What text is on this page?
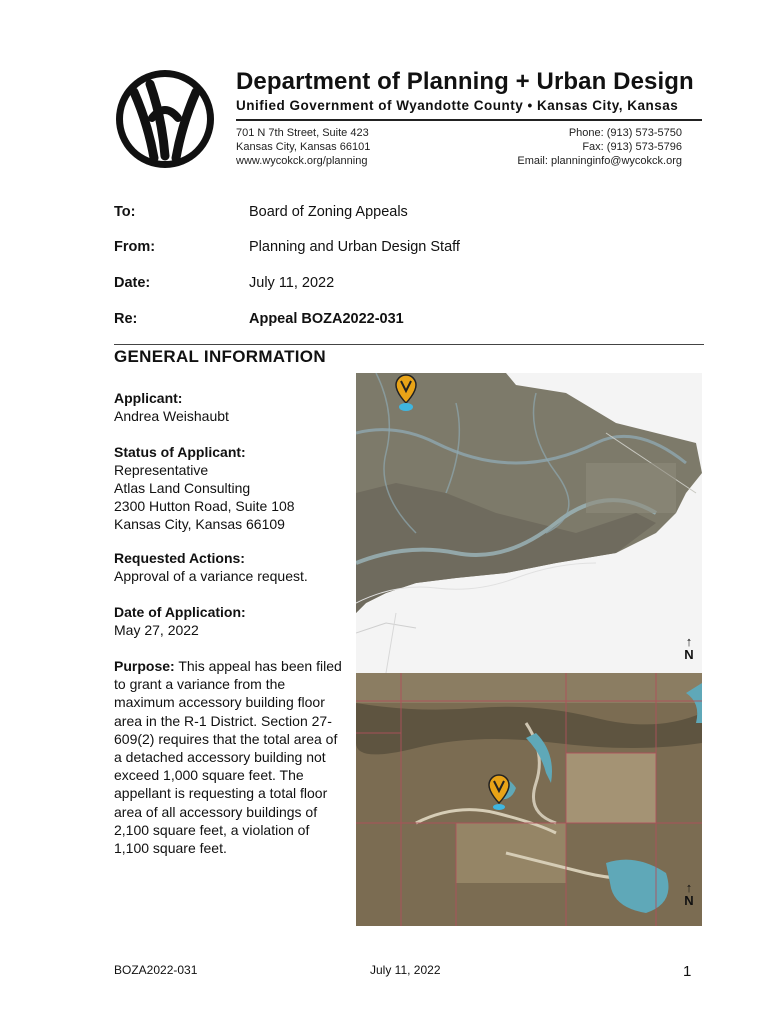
Department of Planning + Urban Design
Unified Government of Wyandotte County • Kansas City, Kansas
701 N 7th Street, Suite 423
Kansas City, Kansas 66101
www.wycokck.org/planning
Phone: (913) 573-5750
Fax: (913) 573-5796
Email: planninginfo@wycokck.org
To:	Board of Zoning Appeals
From:	Planning and Urban Design Staff
Date:	July 11, 2022
Re:	Appeal BOZA2022-031
GENERAL INFORMATION
Applicant:
Andrea Weishaubt
Status of Applicant:
Representative
Atlas Land Consulting
2300 Hutton Road, Suite 108
Kansas City, Kansas 66109
Requested Actions:
Approval of a variance request.
Date of Application:
May 27, 2022
Purpose: This appeal has been filed to grant a variance from the maximum accessory building floor area in the R-1 District. Section 27-609(2) requires that the total area of a detached accessory building not exceed 1,000 square feet. The appellant is requesting a total floor area of all accessory buildings of 2,100 square feet, a violation of 1,100 square feet.
↑
N
↑
N
BOZA2022-031	July 11, 2022	1
